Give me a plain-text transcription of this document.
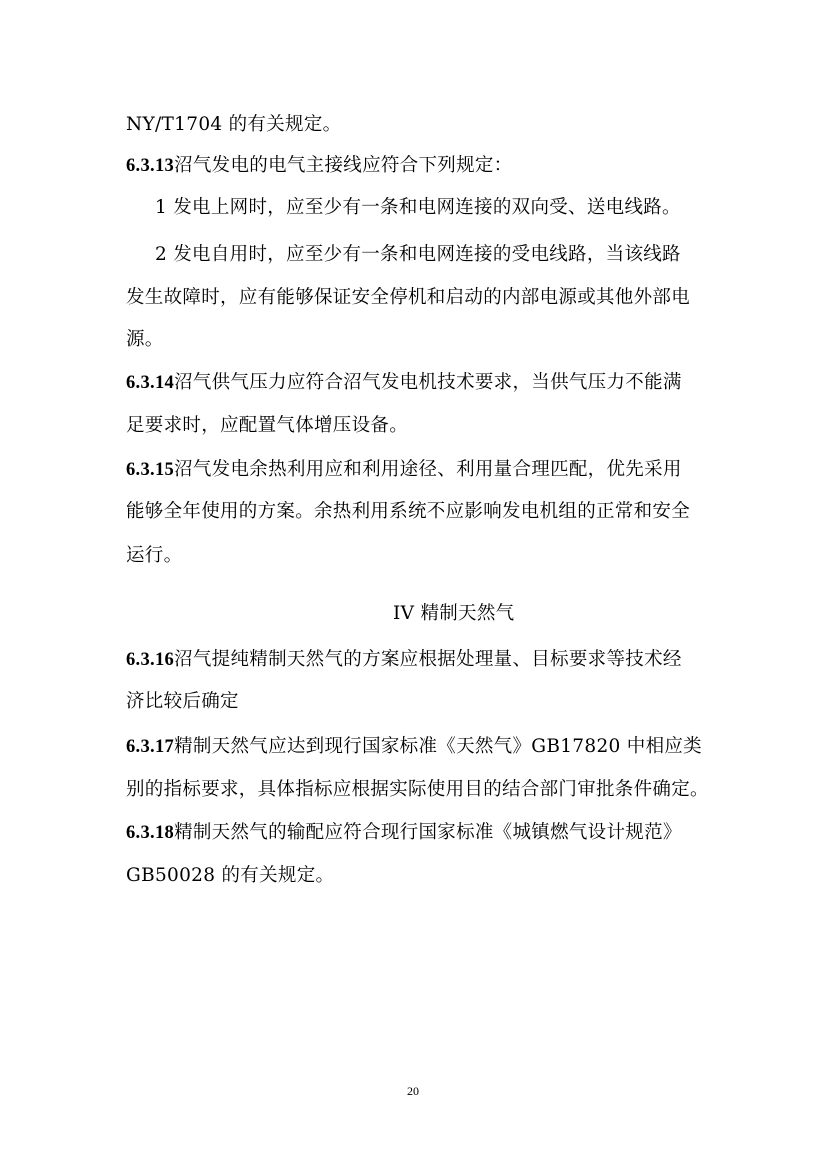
NY/T1704 的有关规定。
6.3.13沼气发电的电气主接线应符合下列规定：
1 发电上网时，应至少有一条和电网连接的双向受、送电线路。
2 发电自用时，应至少有一条和电网连接的受电线路，当该线路
发生故障时，应有能够保证安全停机和启动的内部电源或其他外部电
源。
6.3.14沼气供气压力应符合沼气发电机技术要求，当供气压力不能满
足要求时，应配置气体增压设备。
6.3.15沼气发电余热利用应和利用途径、利用量合理匹配，优先采用
能够全年使用的方案。余热利用系统不应影响发电机组的正常和安全
运行。
IV 精制天然气
6.3.16沼气提纯精制天然气的方案应根据处理量、目标要求等技术经
济比较后确定
6.3.17精制天然气应达到现行国家标准《天然气》GB17820 中相应类
别的指标要求，具体指标应根据实际使用目的结合部门审批条件确定。
6.3.18精制天然气的输配应符合现行国家标准《城镇燃气设计规范》
GB50028 的有关规定。
20
